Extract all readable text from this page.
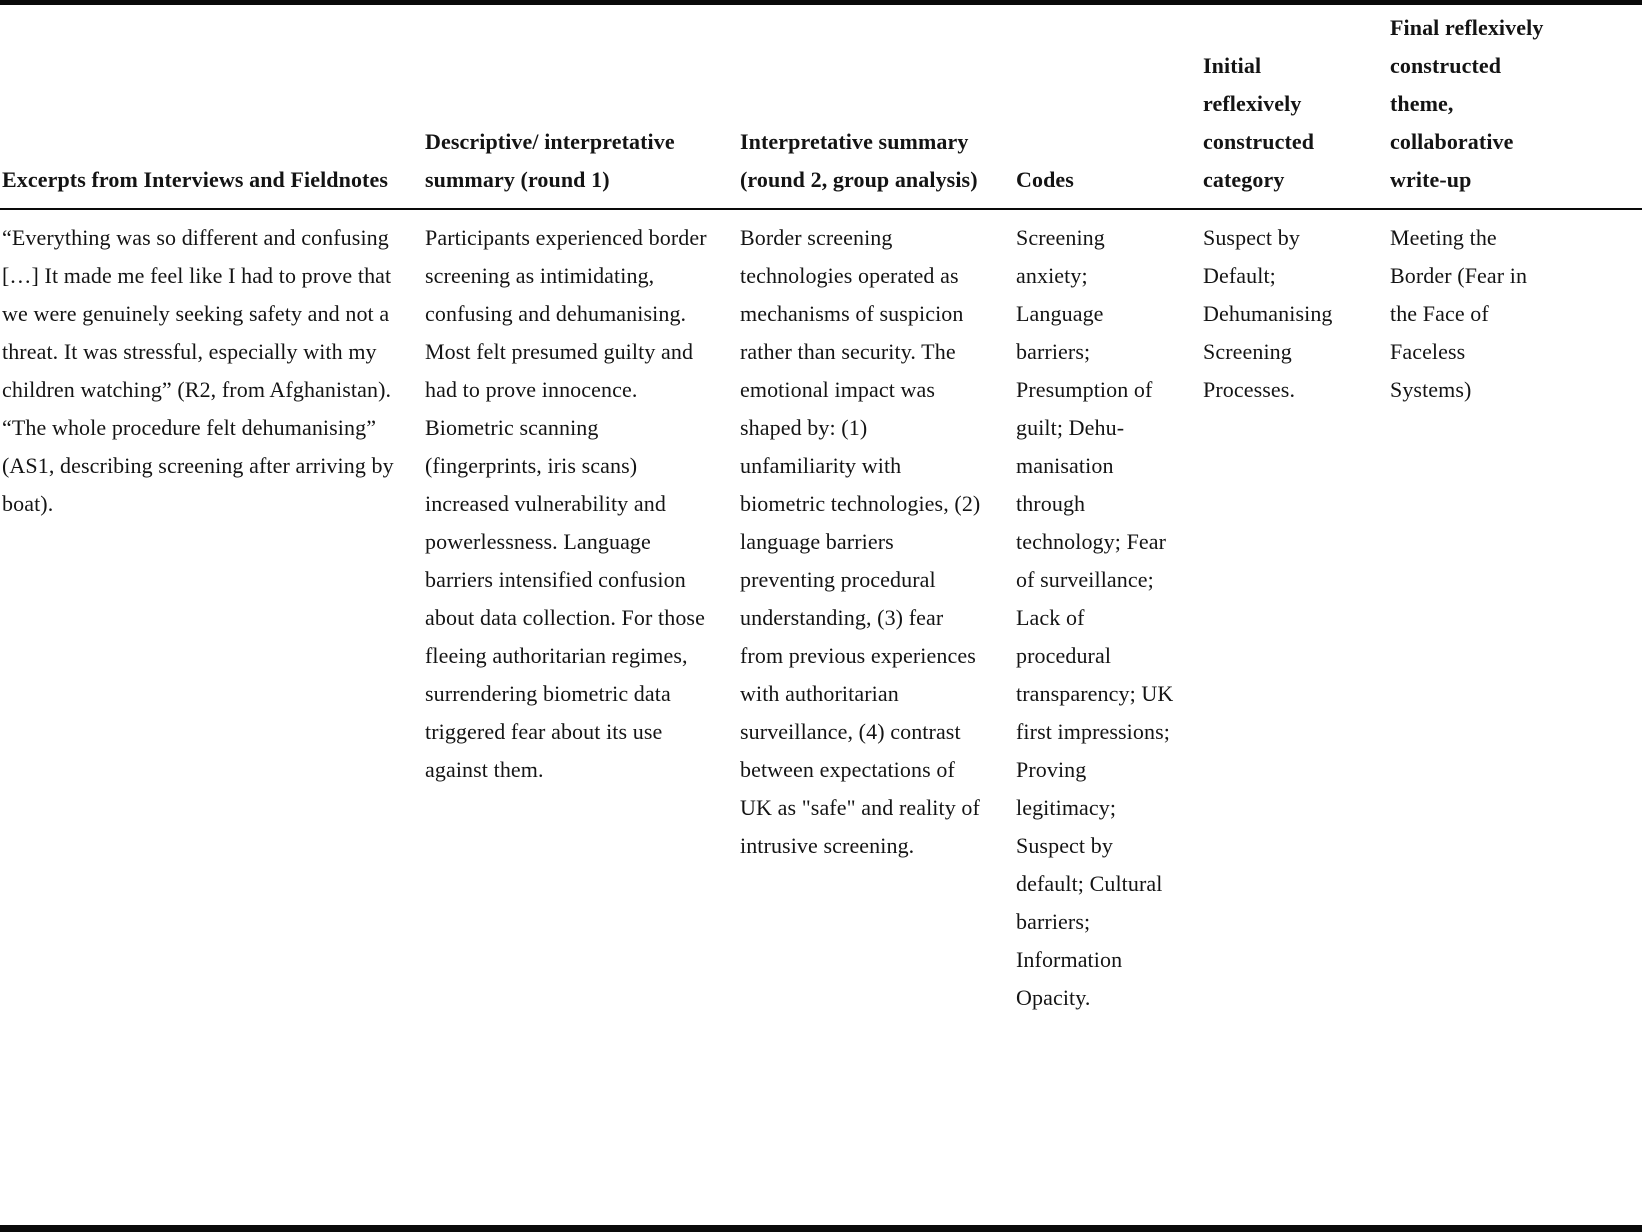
Excerpts from Interviews and Fieldnotes	Descriptive/ interpretative summary (round 1)	Interpretative summary (round 2, group analysis)	Codes	Initial reflexively constructed category	Final reflexively constructed theme, collaborative write-up
“Everything was so different and confusing […] It made me feel like I had to prove that we were genuinely seeking safety and not a threat. It was stressful, especially with my children watching” (R2, from Afghanistan). “The whole procedure felt dehumanising” (AS1, describing screening after arriving by boat).	Participants experienced border screening as intimidating, confusing and dehumanising. Most felt presumed guilty and had to prove innocence. Biometric scanning (fingerprints, iris scans) increased vulnerability and powerlessness. Language barriers intensified confusion about data collection. For those fleeing authoritarian regimes, surrendering biometric data triggered fear about its use against them.	Border screening technologies operated as mechanisms of suspicion rather than security. The emotional impact was shaped by: (1) unfamiliarity with biometric technologies, (2) language barriers preventing procedural understanding, (3) fear from previous experiences with authoritarian surveillance, (4) contrast between expectations of UK as "safe" and reality of intrusive screening.	Screening anxiety; Language barriers; Presumption of guilt; Dehumanisation through technology; Fear of surveillance; Lack of procedural transparency; UK first impressions; Proving legitimacy; Suspect by default; Cultural barriers; Information Opacity.	Suspect by Default; Dehumanising Screening Processes.	Meeting the Border (Fear in the Face of Faceless Systems)
